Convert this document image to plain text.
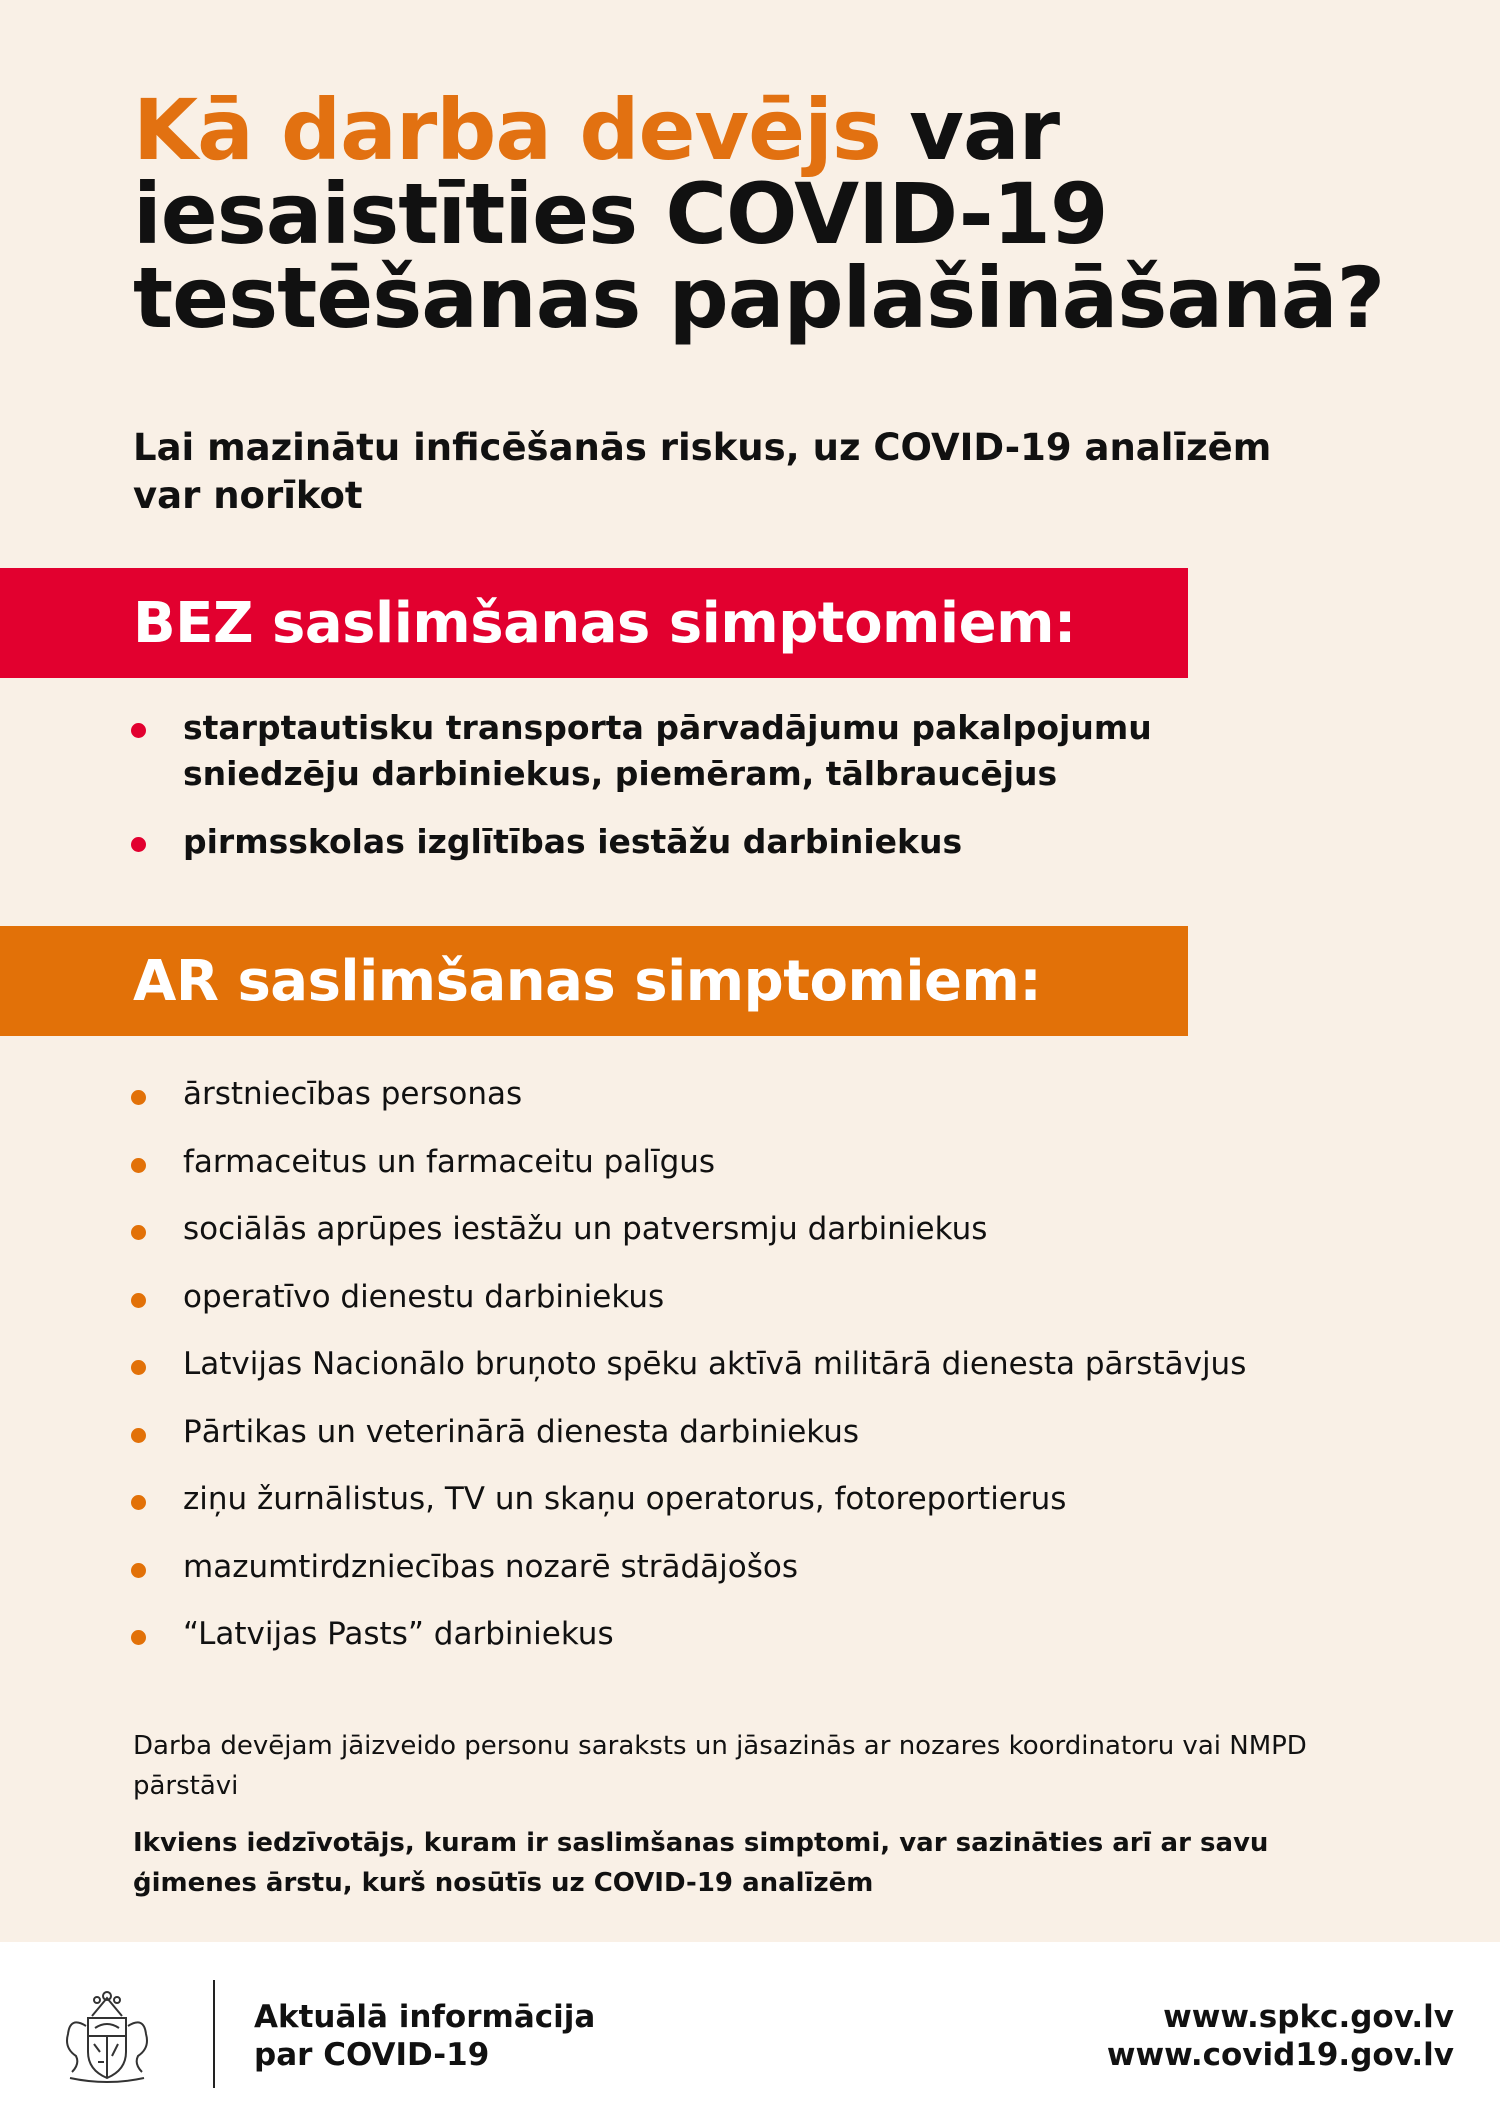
Kā darba devējs var
iesaistīties COVID-19
testēšanas paplašināšanā?

Lai mazinātu inficēšanās riskus, uz COVID-19 analīzēm var norīkot

BEZ saslimšanas simptomiem:
starptautisku transporta pārvadājumu pakalpojumu sniedzēju darbiniekus, piemēram, tālbraucējus
pirmsskolas izglītības iestāžu darbiniekus
AR saslimšanas simptomiem:
ārstniecības personas
farmaceitus un farmaceitu palīgus
sociālās aprūpes iestāžu un patversmju darbiniekus
operatīvo dienestu darbiniekus
Latvijas Nacionālo bruņoto spēku aktīvā militārā dienesta pārstāvjus
Pārtikas un veterinārā dienesta darbiniekus
ziņu žurnālistus, TV un skaņu operatorus, fotoreportierus
mazumtirdzniecības nozarē strādājošos
“Latvijas Pasts” darbiniekus

Darba devējam jāizveido personu saraksts un jāsazinās ar nozares koordinatoru vai NMPD pārstāvi

Ikviens iedzīvotājs, kuram ir saslimšanas simptomi, var sazināties arī ar savu ģimenes ārstu, kurš nosūtīs uz COVID-19 analīzēm

Aktuālā informācija
par COVID-19

www.spkc.gov.lv
www.covid19.gov.lv
